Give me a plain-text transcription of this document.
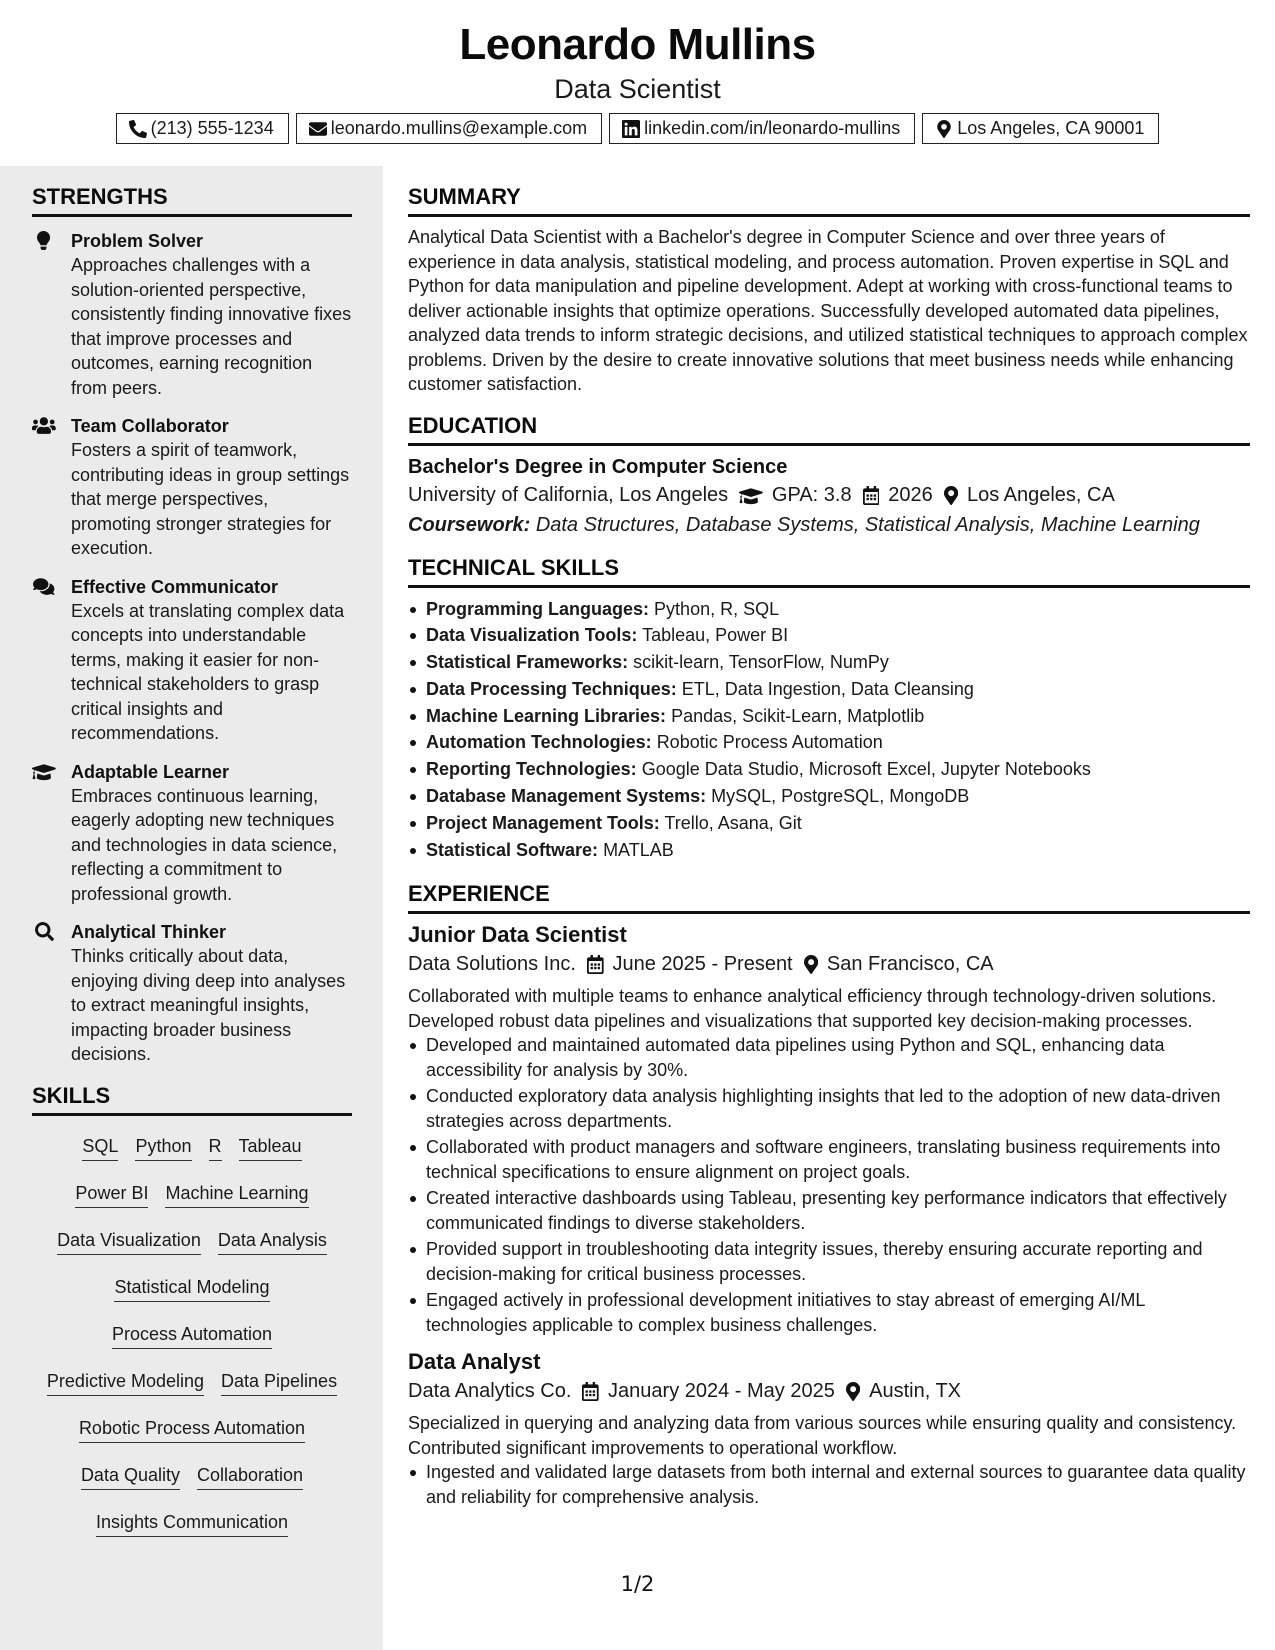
Leonardo Mullins
Data Scientist
(213) 555-1234	leonardo.mullins@example.com	linkedin.com/in/leonardo-mullins	Los Angeles, CA 90001
STRENGTHS
Problem Solver
Approaches challenges with a solution-oriented perspective, consistently finding innovative fixes that improve processes and outcomes, earning recognition from peers.
Team Collaborator
Fosters a spirit of teamwork, contributing ideas in group settings that merge perspectives, promoting stronger strategies for execution.
Effective Communicator
Excels at translating complex data concepts into understandable terms, making it easier for non-technical stakeholders to grasp critical insights and recommendations.
Adaptable Learner
Embraces continuous learning, eagerly adopting new techniques and technologies in data science, reflecting a commitment to professional growth.
Analytical Thinker
Thinks critically about data, enjoying diving deep into analyses to extract meaningful insights, impacting broader business decisions.
SKILLS
SQL Python R Tableau
Power BI Machine Learning
Data Visualization Data Analysis
Statistical Modeling
Process Automation
Predictive Modeling Data Pipelines
Robotic Process Automation
Data Quality Collaboration
Insights Communication
SUMMARY
Analytical Data Scientist with a Bachelor's degree in Computer Science and over three years of experience in data analysis, statistical modeling, and process automation. Proven expertise in SQL and Python for data manipulation and pipeline development. Adept at working with cross-functional teams to deliver actionable insights that optimize operations. Successfully developed automated data pipelines, analyzed data trends to inform strategic decisions, and utilized statistical techniques to approach complex problems. Driven by the desire to create innovative solutions that meet business needs while enhancing customer satisfaction.
EDUCATION
Bachelor's Degree in Computer Science
University of California, Los Angeles GPA: 3.8 2026 Los Angeles, CA
Coursework: Data Structures, Database Systems, Statistical Analysis, Machine Learning
TECHNICAL SKILLS
Programming Languages: Python, R, SQL
Data Visualization Tools: Tableau, Power BI
Statistical Frameworks: scikit-learn, TensorFlow, NumPy
Data Processing Techniques: ETL, Data Ingestion, Data Cleansing
Machine Learning Libraries: Pandas, Scikit-Learn, Matplotlib
Automation Technologies: Robotic Process Automation
Reporting Technologies: Google Data Studio, Microsoft Excel, Jupyter Notebooks
Database Management Systems: MySQL, PostgreSQL, MongoDB
Project Management Tools: Trello, Asana, Git
Statistical Software: MATLAB
EXPERIENCE
Junior Data Scientist
Data Solutions Inc. June 2025 - Present San Francisco, CA
Collaborated with multiple teams to enhance analytical efficiency through technology-driven solutions. Developed robust data pipelines and visualizations that supported key decision-making processes.
Developed and maintained automated data pipelines using Python and SQL, enhancing data accessibility for analysis by 30%.
Conducted exploratory data analysis highlighting insights that led to the adoption of new data-driven strategies across departments.
Collaborated with product managers and software engineers, translating business requirements into technical specifications to ensure alignment on project goals.
Created interactive dashboards using Tableau, presenting key performance indicators that effectively communicated findings to diverse stakeholders.
Provided support in troubleshooting data integrity issues, thereby ensuring accurate reporting and decision-making for critical business processes.
Engaged actively in professional development initiatives to stay abreast of emerging AI/ML technologies applicable to complex business challenges.
Data Analyst
Data Analytics Co. January 2024 - May 2025 Austin, TX
Specialized in querying and analyzing data from various sources while ensuring quality and consistency. Contributed significant improvements to operational workflow.
Ingested and validated large datasets from both internal and external sources to guarantee data quality and reliability for comprehensive analysis.
1/2
